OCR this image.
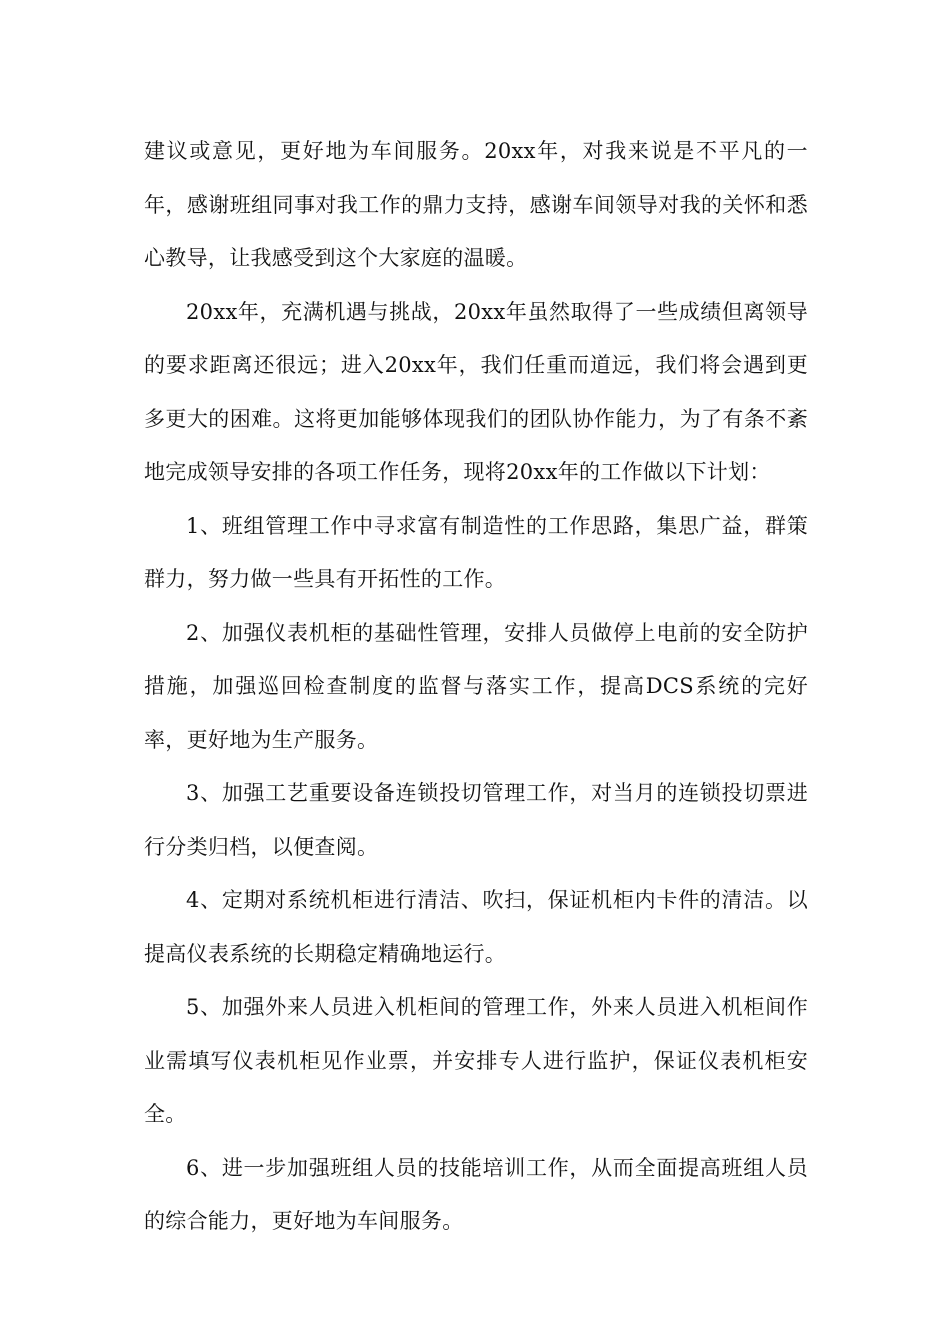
建议或意见，更好地为车间服务。20xx年，对我来说是不平凡的一年，感谢班组同事对我工作的鼎力支持，感谢车间领导对我的关怀和悉心教导，让我感受到这个大家庭的温暖。

20xx年，充满机遇与挑战，20xx年虽然取得了一些成绩但离领导的要求距离还很远；进入20xx年，我们任重而道远，我们将会遇到更多更大的困难。这将更加能够体现我们的团队协作能力，为了有条不紊地完成领导安排的各项工作任务，现将20xx年的工作做以下计划：

1、班组管理工作中寻求富有制造性的工作思路，集思广益，群策群力，努力做一些具有开拓性的工作。

2、加强仪表机柜的基础性管理，安排人员做停上电前的安全防护措施，加强巡回检查制度的监督与落实工作，提高DCS系统的完好率，更好地为生产服务。

3、加强工艺重要设备连锁投切管理工作，对当月的连锁投切票进行分类归档，以便查阅。

4、定期对系统机柜进行清洁、吹扫，保证机柜内卡件的清洁。以提高仪表系统的长期稳定精确地运行。

5、加强外来人员进入机柜间的管理工作，外来人员进入机柜间作业需填写仪表机柜见作业票，并安排专人进行监护，保证仪表机柜安全。

6、进一步加强班组人员的技能培训工作，从而全面提高班组人员的综合能力，更好地为车间服务。
